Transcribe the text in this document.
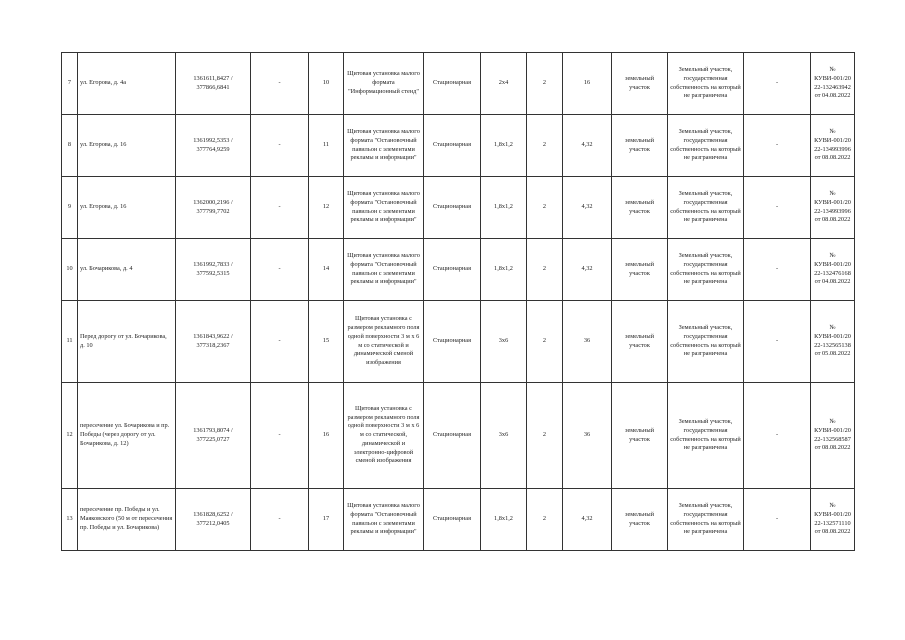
7	ул. Егорова, д. 4а	1361611,8427 / 377866,6841	-	10	Щитовая установка малого формата "Информационный стенд"	Стационарная	2х4	2	16	земельный участок	Земельный участок, государственная собственность на который не разграничена	-	№ КУВИ-001/2022-132463942 от 04.08.2022
8	ул. Егорова, д. 16	1361992,5353 / 377764,9259	-	11	Щитовая установка малого формата "Остановочный павильон с элементами рекламы и информации"	Стационарная	1,8х1,2	2	4,32	земельный участок	Земельный участок, государственная собственность на который не разграничена	-	№ КУВИ-001/2022-134993996 от 08.08.2022
9	ул. Егорова, д. 16	1362000,2196 / 377799,7702	-	12	Щитовая установка малого формата "Остановочный павильон с элементами рекламы и информации"	Стационарная	1,8х1,2	2	4,32	земельный участок	Земельный участок, государственная собственность на который не разграничена	-	№ КУВИ-001/2022-134993996 от 08.08.2022
10	ул. Бочарикова, д. 4	1361992,7833 / 377592,5315	-	14	Щитовая установка малого формата "Остановочный павильон с элементами рекламы и информации"	Стационарная	1,8х1,2	2	4,32	земельный участок	Земельный участок, государственная собственность на который не разграничена	-	№ КУВИ-001/2022-132476168 от 04.08.2022
11	Перед дорогу от ул. Бочарикова, д. 10	1361843,9622 / 377318,2367	-	15	Щитовая установка с размером рекламного поля одной поверхности 3 м х 6 м со статической и динамической сменой изображения	Стационарная	3х6	2	36	земельный участок	Земельный участок, государственная собственность на который не разграничена	-	№ КУВИ-001/2022-132565138 от 05.08.2022
12	пересечение ул. Бочарикова и пр. Победы (через дорогу от ул. Бочарикова, д. 12)	1361793,8074 / 377225,0727	-	16	Щитовая установка с размером рекламного поля одной поверхности 3 м х 6 м со статической, динамической и электронно-цифровой сменой изображения	Стационарная	3х6	2	36	земельный участок	Земельный участок, государственная собственность на который не разграничена	-	№ КУВИ-001/2022-132568587 от 08.08.2022
13	пересечение пр. Победы и ул. Маяковского (50 м от пересечения пр. Победы и ул. Бочарикова)	1361828,6252 / 377212,0405	-	17	Щитовая установка малого формата "Остановочный павильон с элементами рекламы и информации"	Стационарная	1,8х1,2	2	4,32	земельный участок	Земельный участок, государственная собственность на который не разграничена	-	№ КУВИ-001/2022-132571110 от 08.08.2022
